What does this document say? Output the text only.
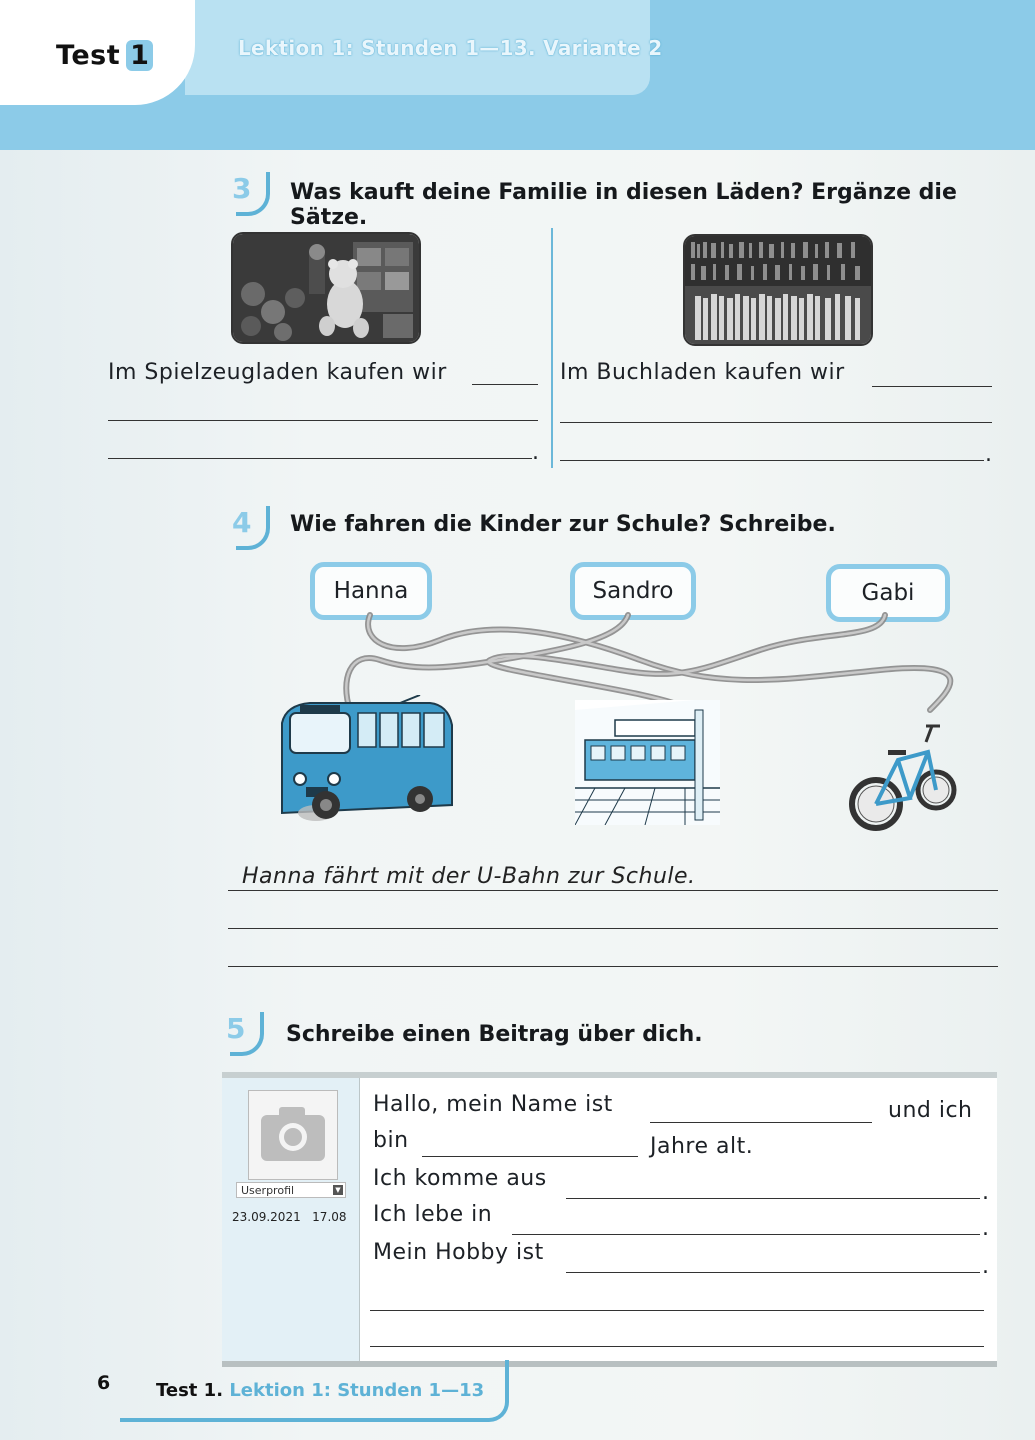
Test 1	Lektion 1: Stunden 1—13. Variante 2
3 Was kauft deine Familie in diesen Läden? Ergänze die Sätze.
Im Spielzeugladen kaufen wir
.
Im Buchladen kaufen wir
.
4 Wie fahren die Kinder zur Schule? Schreibe.
Hanna	Sandro	Gabi
Hanna fährt mit der U-Bahn zur Schule.
5 Schreibe einen Beitrag über dich.
Userprofil	▼
23.09.2021 17.08
Hallo, mein Name ist	und ich
bin	Jahre alt.
Ich komme aus
.
Ich lebe in
.
Mein Hobby ist
.
6	Test 1. Lektion 1: Stunden 1—13
